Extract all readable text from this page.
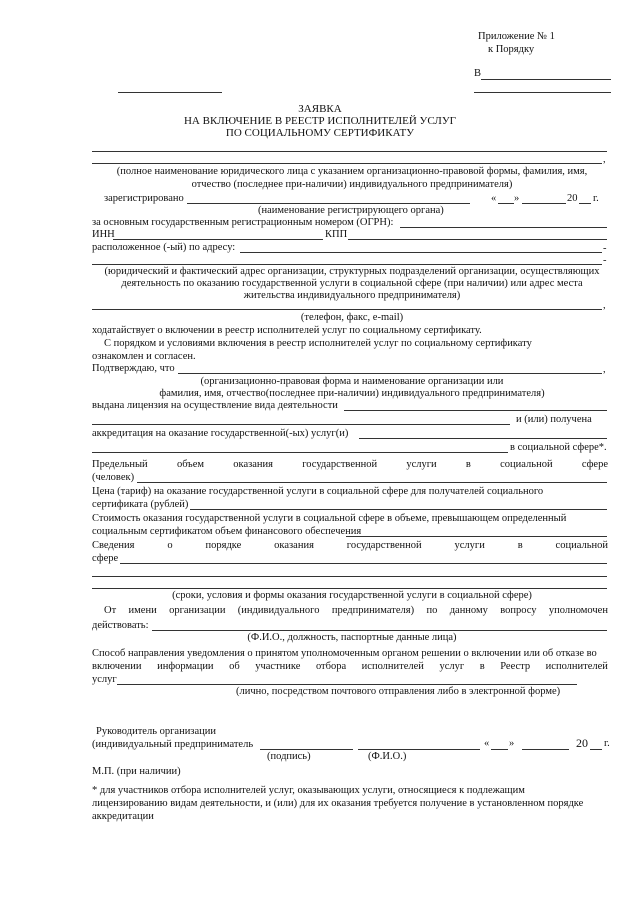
Приложение № 1
к Порядку
В
ЗАЯВКА
НА ВКЛЮЧЕНИЕ В РЕЕСТР ИСПОЛНИТЕЛЕЙ УСЛУГ
ПО СОЦИАЛЬНОМУ СЕРТИФИКАТУ
,
(полное наименование юридического лица с указанием организационно-правовой формы, фамилия, имя,
отчество (последнее при-наличии) индивидуального предпринимателя)
зарегистрировано	« »	20 г.
(наименование регистрирующего органа)
за основным государственным регистрационным номером (ОГРН):
ИНН	КПП
расположенное (-ый) по адресу:	-
-
(юридический и фактический адрес организации, структурных подразделений организации, осуществляющих
деятельность по оказанию государственной услуги в социальной сфере (при наличии) или адрес места
жительства индивидуального предпринимателя)
,
(телефон, факс, e-mail)
ходатайствует о включении в реестр исполнителей услуг по социальному сертификату.
С порядком и условиями включения в реестр исполнителей услуг по социальному сертификату
ознакомлен и согласен.
Подтверждаю, что	,
(организационно-правовая форма и наименование организации или
фамилия, имя, отчество(последнее при-наличии) индивидуального предпринимателя)
выдана лицензия на осуществление вида деятельности
и (или) получена
аккредитация на оказание государственной(-ых) услуг(и)
в социальной сфере*.
Предельный	объем	оказания	государственной	услуги	в	социальной	сфере
(человек)
Цена (тариф) на оказание государственной услуги в социальной сфере для получателей социального
сертификата (рублей)
Стоимость оказания государственной услуги в социальной сфере в объеме, превышающем определенный
социальным сертификатом объем финансового обеспечения
Сведения	о	порядке	оказания	государственной	услуги	в	социальной
сфере
(сроки, условия и формы оказания государственной услуги в социальной сфере)
От имени организации (индивидуального предпринимателя) по данному вопросу уполномочен
действовать:
(Ф.И.О., должность, паспортные данные лица)
Способ направления уведомления о принятом уполномоченным органом решении о включении или об отказе во
включении информации об участнике отбора исполнителей услуг в Реестр исполнителей
услуг
(лично, посредством почтового отправления либо в электронной форме)
Руководитель организации
(индивидуальный предприниматель	« »	20 г.
(подпись)	(Ф.И.О.)
М.П. (при наличии)
* для участников отбора исполнителей услуг, оказывающих услуги, относящиеся к подлежащим
лицензированию видам деятельности, и (или) для их оказания требуется получение в установленном порядке
аккредитации
